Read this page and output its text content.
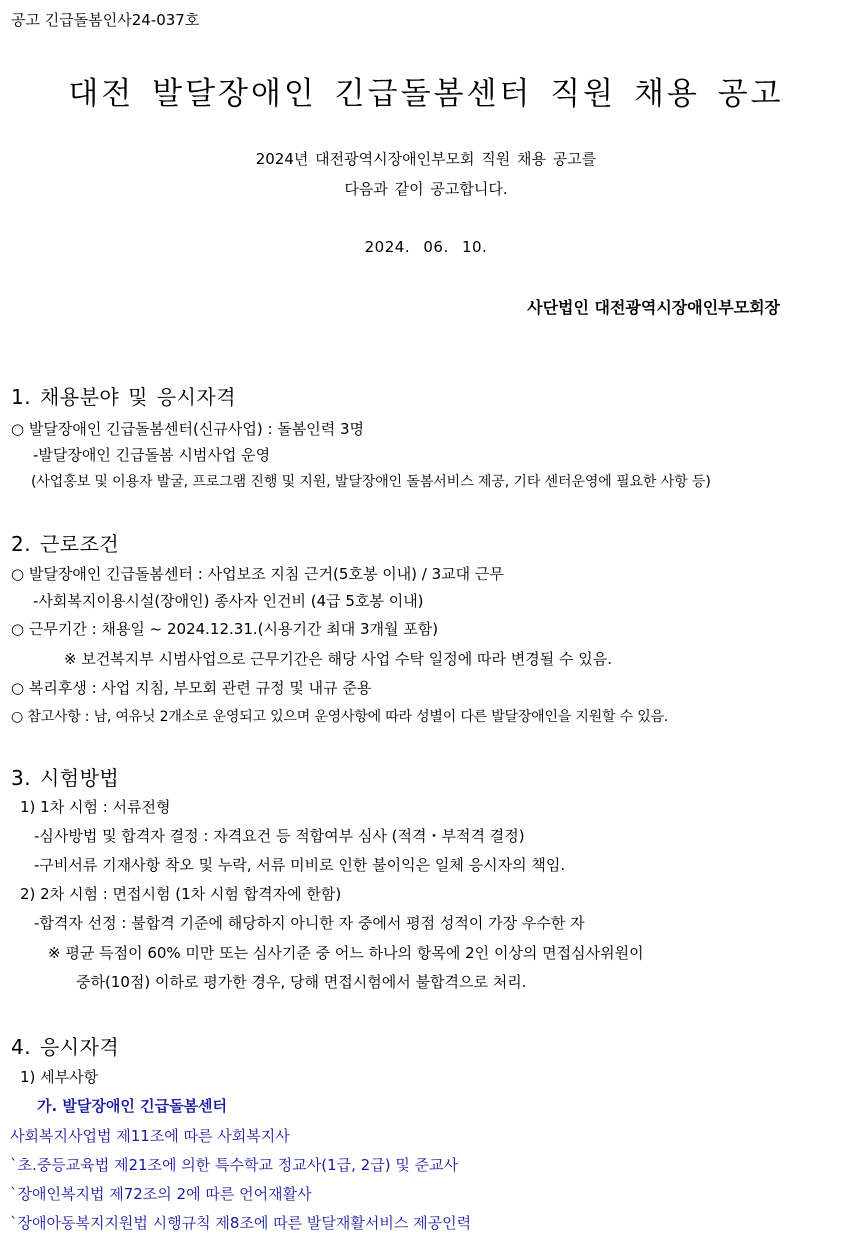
공고 긴급돌봄인사24-037호
대전 발달장애인 긴급돌봄센터 직원 채용 공고
2024년 대전광역시장애인부모회 직원 채용 공고를
다음과 같이 공고합니다.
2024. 06. 10.
사단법인 대전광역시장애인부모회장
1. 채용분야 및 응시자격
○ 발달장애인 긴급돌봄센터(신규사업) : 돌봄인력 3명
-발달장애인 긴급돌봄 시범사업 운영
(사업홍보 및 이용자 발굴, 프로그램 진행 및 지원, 발달장애인 돌봄서비스 제공, 기타 센터운영에 필요한 사항 등)
2. 근로조건
○ 발달장애인 긴급돌봄센터 : 사업보조 지침 근거(5호봉 이내) / 3교대 근무
-사회복지이용시설(장애인) 종사자 인건비 (4급 5호봉 이내)
○ 근무기간 : 채용일 ~ 2024.12.31.(시용기간 최대 3개월 포함)
※ 보건복지부 시범사업으로 근무기간은 해당 사업 수탁 일정에 따라 변경될 수 있음.
○ 복리후생 : 사업 지침, 부모회 관련 규정 및 내규 준용
○ 참고사항 : 남, 여유닛 2개소로 운영되고 있으며 운영사항에 따라 성별이 다른 발달장애인을 지원할 수 있음.
3. 시험방법
1) 1차 시험 : 서류전형
-심사방법 및 합격자 결정 : 자격요건 등 적합여부 심사 (적격・부적격 결정)
-구비서류 기재사항 착오 및 누락, 서류 미비로 인한 불이익은 일체 응시자의 책임.
2) 2차 시험 : 면접시험 (1차 시험 합격자에 한함)
-합격자 선정 : 불합격 기준에 해당하지 아니한 자 중에서 평점 성적이 가장 우수한 자
※ 평균 득점이 60% 미만 또는 심사기준 중 어느 하나의 항목에 2인 이상의 면접심사위원이
중하(10점) 이하로 평가한 경우, 당해 면접시험에서 불합격으로 처리.
4. 응시자격
1) 세부사항
가. 발달장애인 긴급돌봄센터
사회복지사업법 제11조에 따른 사회복지사
`초.중등교육법 제21조에 의한 특수학교 정교사(1급, 2급) 및 준교사
`장애인복지법 제72조의 2에 따른 언어재활사
`장애아동복지지원법 시행규칙 제8조에 따른 발달재활서비스 제공인력
